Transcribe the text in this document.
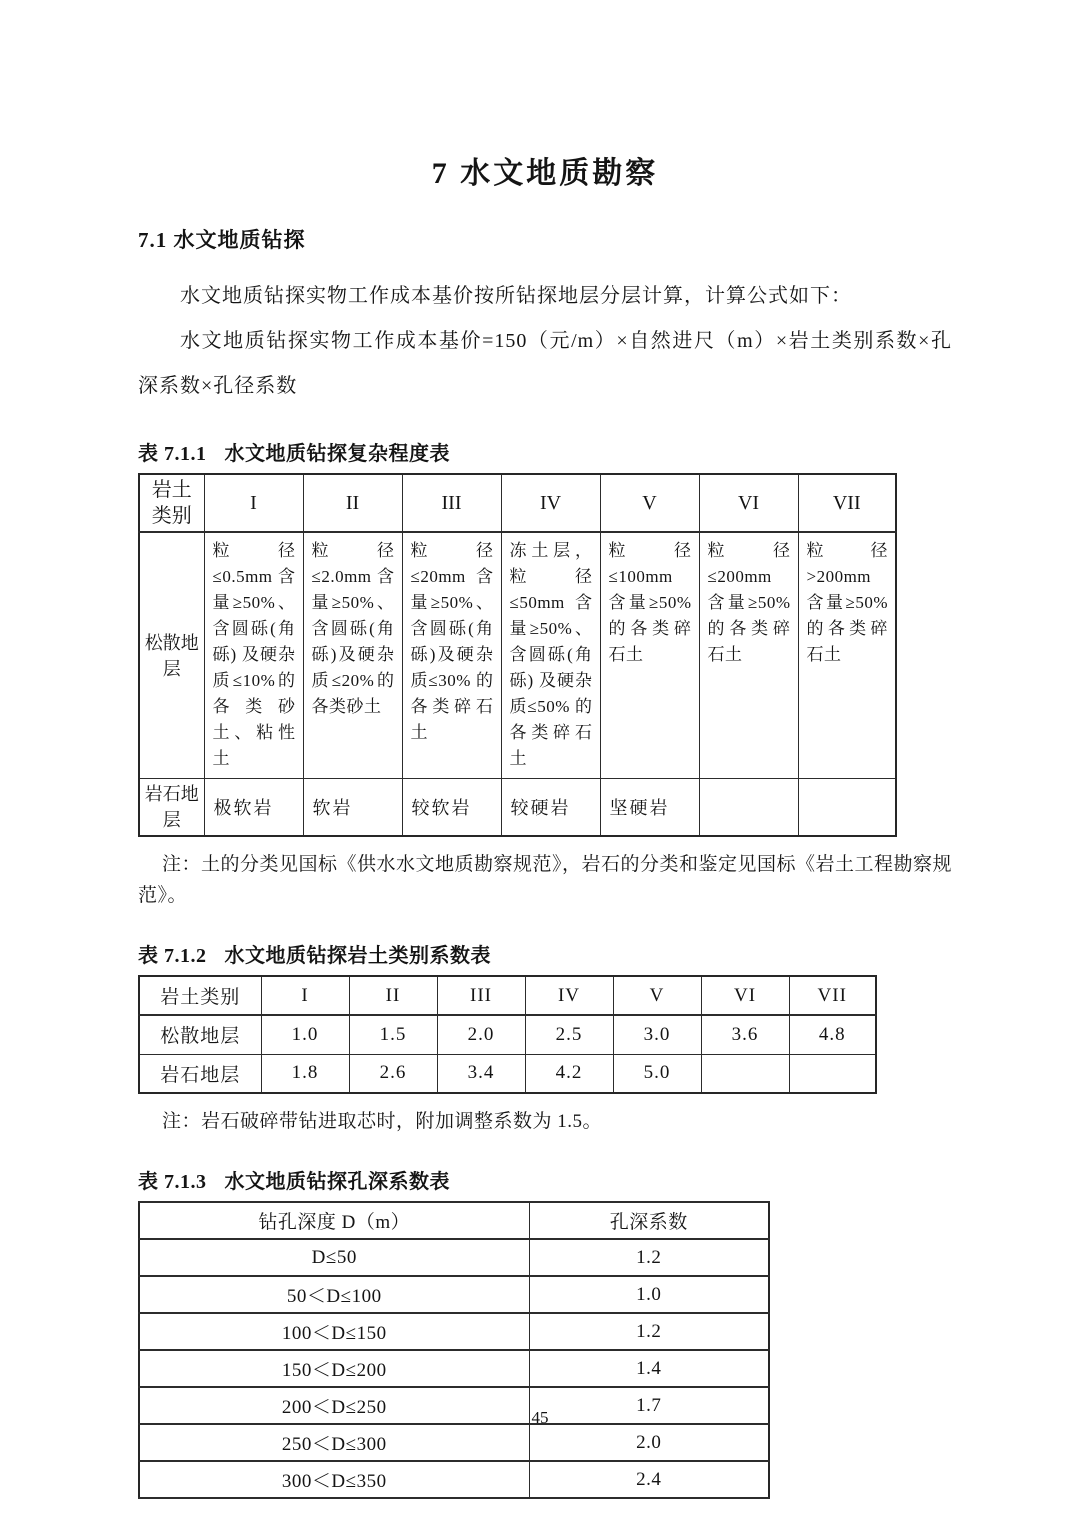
7 水文地质勘察
7.1 水文地质钻探

水文地质钻探实物工作成本基价按所钻探地层分层计算，计算公式如下：

水文地质钻探实物工作成本基价=150（元/m）×自然进尺（m）×岩土类别系数×孔深系数×孔径系数

表 7.1.1 水文地质钻探复杂程度表
岩土类别	I	II	III	IV	V	VI	VII
松散地层	粒径≤0.5mm 含量≥50%、含圆砾(角砾) 及硬杂质≤10%的各类砂土、粘性土	粒径≤2.0mm 含量≥50%、含圆砾(角砾)及硬杂质≤20%的各类砂土	粒径≤20mm 含量≥50%、含圆砾(角砾)及硬杂质≤30% 的各类碎石土	冻土层，粒径≤50mm 含量≥50%、含圆砾(角砾) 及硬杂质≤50% 的各类碎石土	粒径≤100mm 含量≥50%的各类碎石土	粒径≤200mm 含量≥50%的各类碎石土	粒径>200mm 含量≥50%的各类碎石土
岩石地层	极软岩	软岩	较软岩	较硬岩	坚硬岩		

注：土的分类见国标《供水水文地质勘察规范》，岩石的分类和鉴定见国标《岩土工程勘察规范》。

表 7.1.2 水文地质钻探岩土类别系数表
岩土类别	I	II	III	IV	V	VI	VII
松散地层	1.0	1.5	2.0	2.5	3.0	3.6	4.8
岩石地层	1.8	2.6	3.4	4.2	5.0		

注：岩石破碎带钻进取芯时，附加调整系数为 1.5。

表 7.1.3 水文地质钻探孔深系数表
钻孔深度 D（m）	孔深系数
D≤50	1.2
50＜D≤100	1.0
100＜D≤150	1.2
150＜D≤200	1.4
200＜D≤250	1.7
250＜D≤300	2.0
300＜D≤350	2.4
45
